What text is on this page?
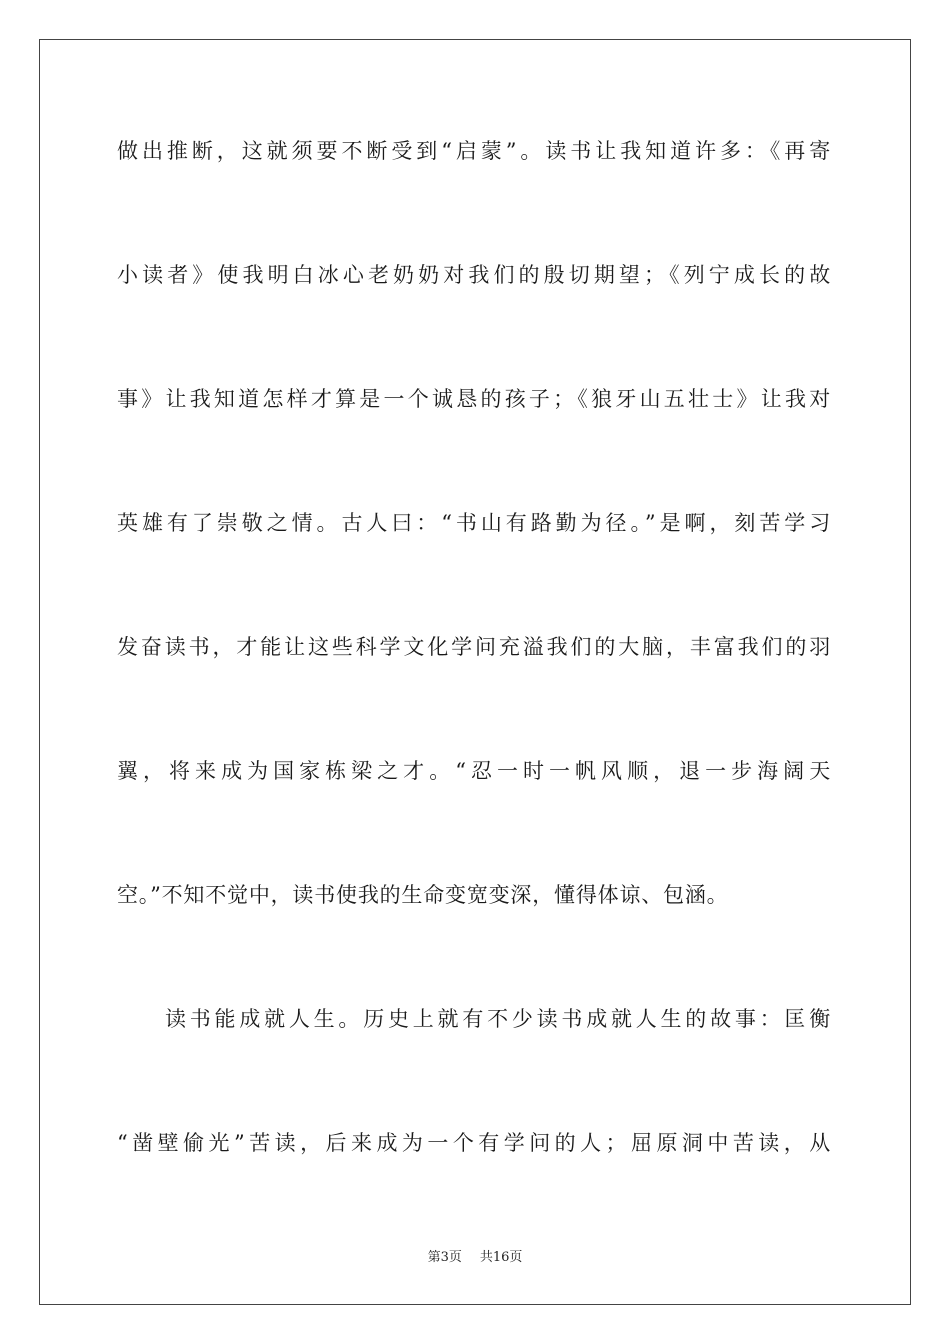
做出推断，这就须要不断受到“启蒙”。读书让我知道许多：《再寄
小读者》使我明白冰心老奶奶对我们的殷切期望；《列宁成长的故
事》让我知道怎样才算是一个诚恳的孩子；《狼牙山五壮士》让我对
英雄有了崇敬之情。古人曰：“书山有路勤为径。”是啊，刻苦学习
发奋读书，才能让这些科学文化学问充溢我们的大脑，丰富我们的羽
翼，将来成为国家栋梁之才。“忍一时一帆风顺，退一步海阔天
空。”不知不觉中，读书使我的生命变宽变深，懂得体谅、包涵。
读书能成就人生。历史上就有不少读书成就人生的故事：匡衡
“凿壁偷光”苦读，后来成为一个有学问的人；屈原洞中苦读，从
第3页 共16页
